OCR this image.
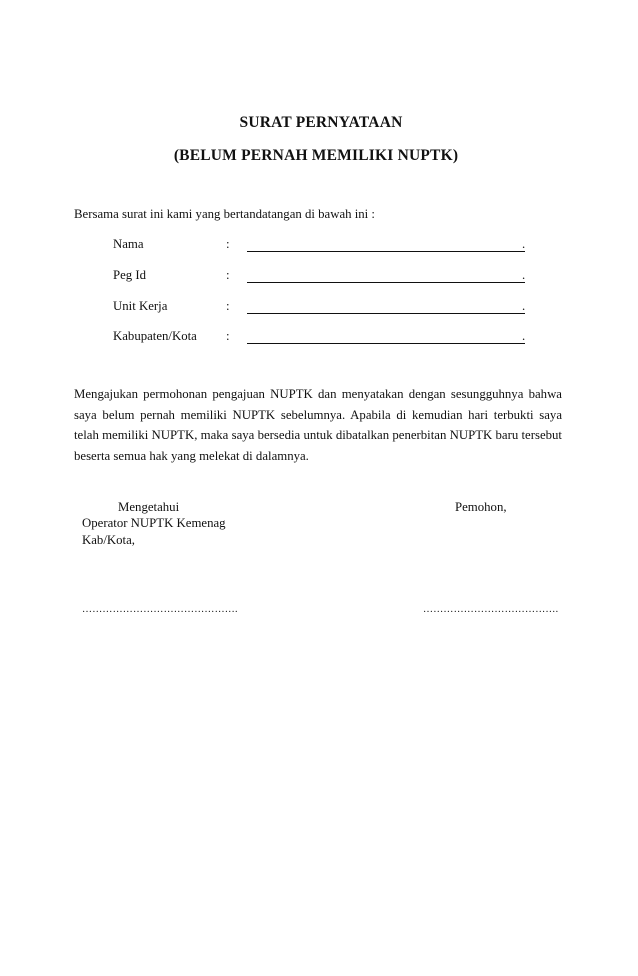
SURAT PERNYATAAN
(BELUM PERNAH MEMILIKI NUPTK)
Bersama surat ini kami yang bertandatangan di bawah ini :
Nama	:	.
Peg Id	:	.
Unit Kerja	:	.
Kabupaten/Kota :	.
Mengajukan permohonan pengajuan NUPTK dan menyatakan dengan sesungguhnya bahwa saya belum pernah memiliki NUPTK sebelumnya. Apabila di kemudian hari terbukti saya telah memiliki NUPTK, maka saya bersedia untuk dibatalkan penerbitan NUPTK baru tersebut beserta semua hak yang melekat di dalamnya.
Mengetahui
Operator NUPTK Kemenag
Kab/Kota,
Pemohon,
……………………………………….	………………………………….
